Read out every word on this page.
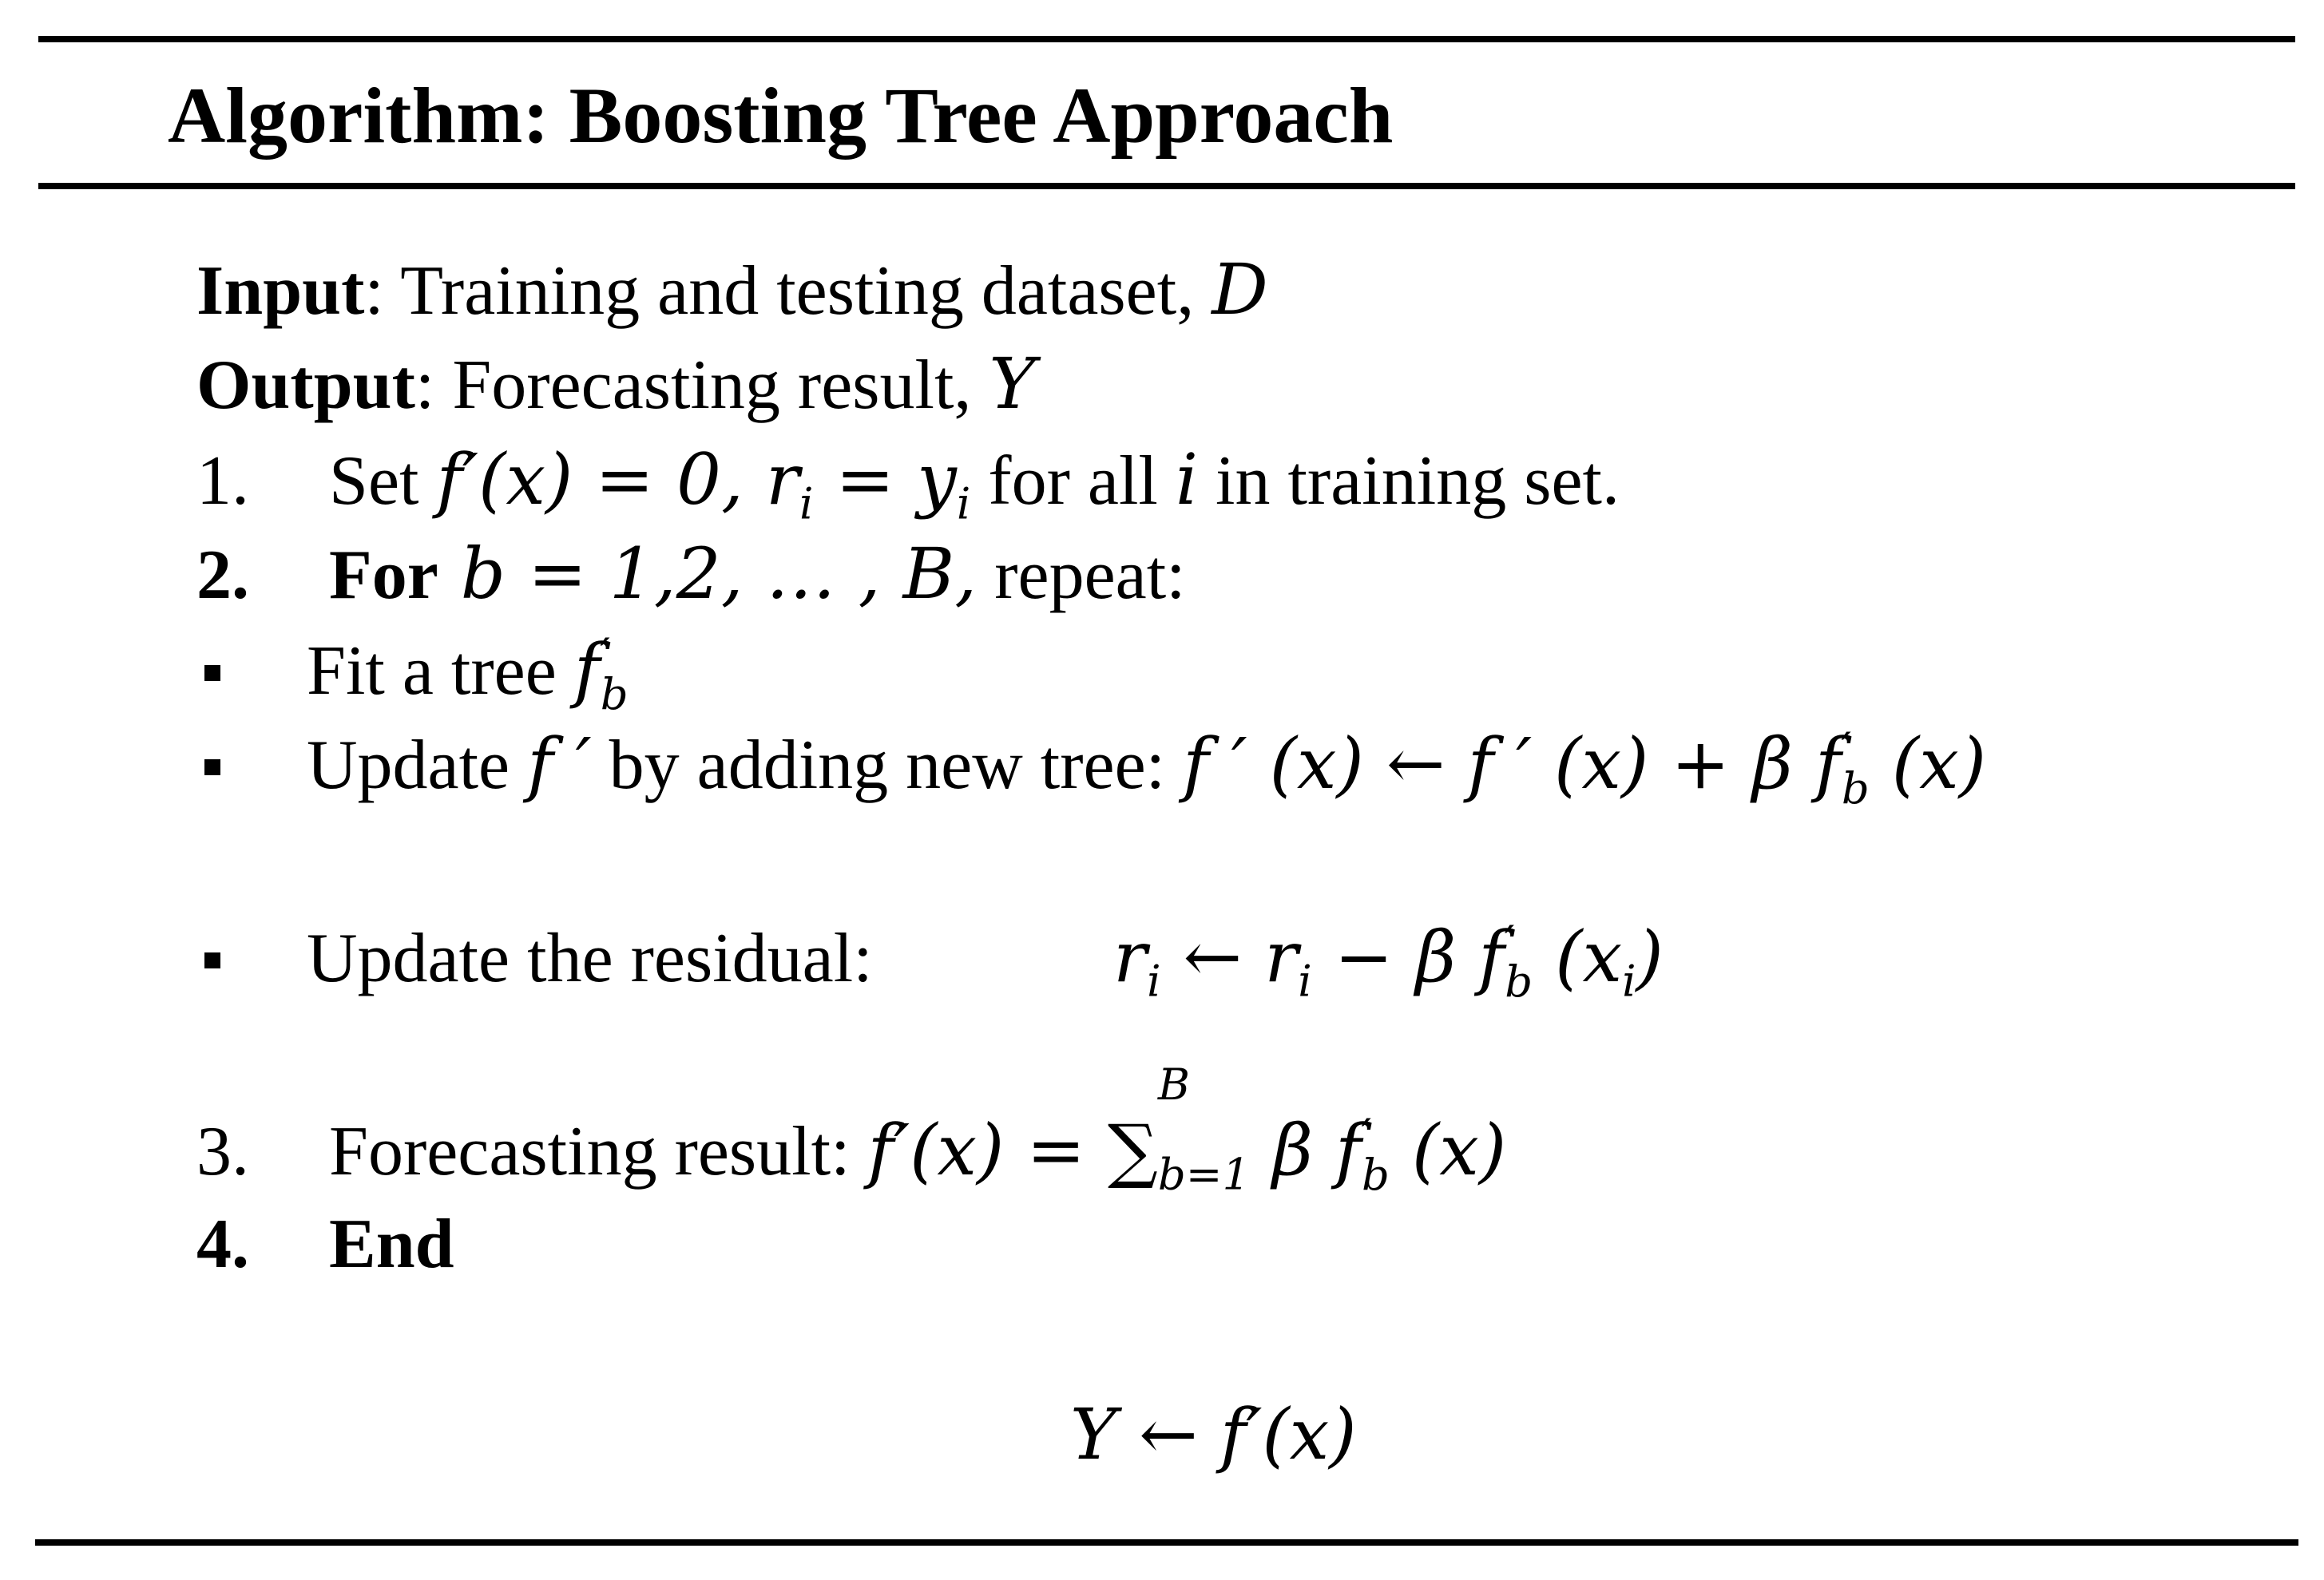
Algorithm: Boosting Tree Approach
Input: Training and testing dataset, D
Output: Forecasting result, Y
1. Set f′(x) = 0, $r_i = y_i$ for all i in training set.
2. For b = 1,2, … , B, repeat:
Fit a tree $f'_b$
Update f ′ by adding new tree: f ′ (x) ← f ′ (x) + β $f'_b$ (x)
Update the residual:	$r_i$ ← $r_i - \beta$ $f'_b$ $(x_i)$
3. Forecasting result: f′(x) = ∑
B
$_{b=1}$ β $f'_b$ (x)
4. End
Y ← f′(x)
